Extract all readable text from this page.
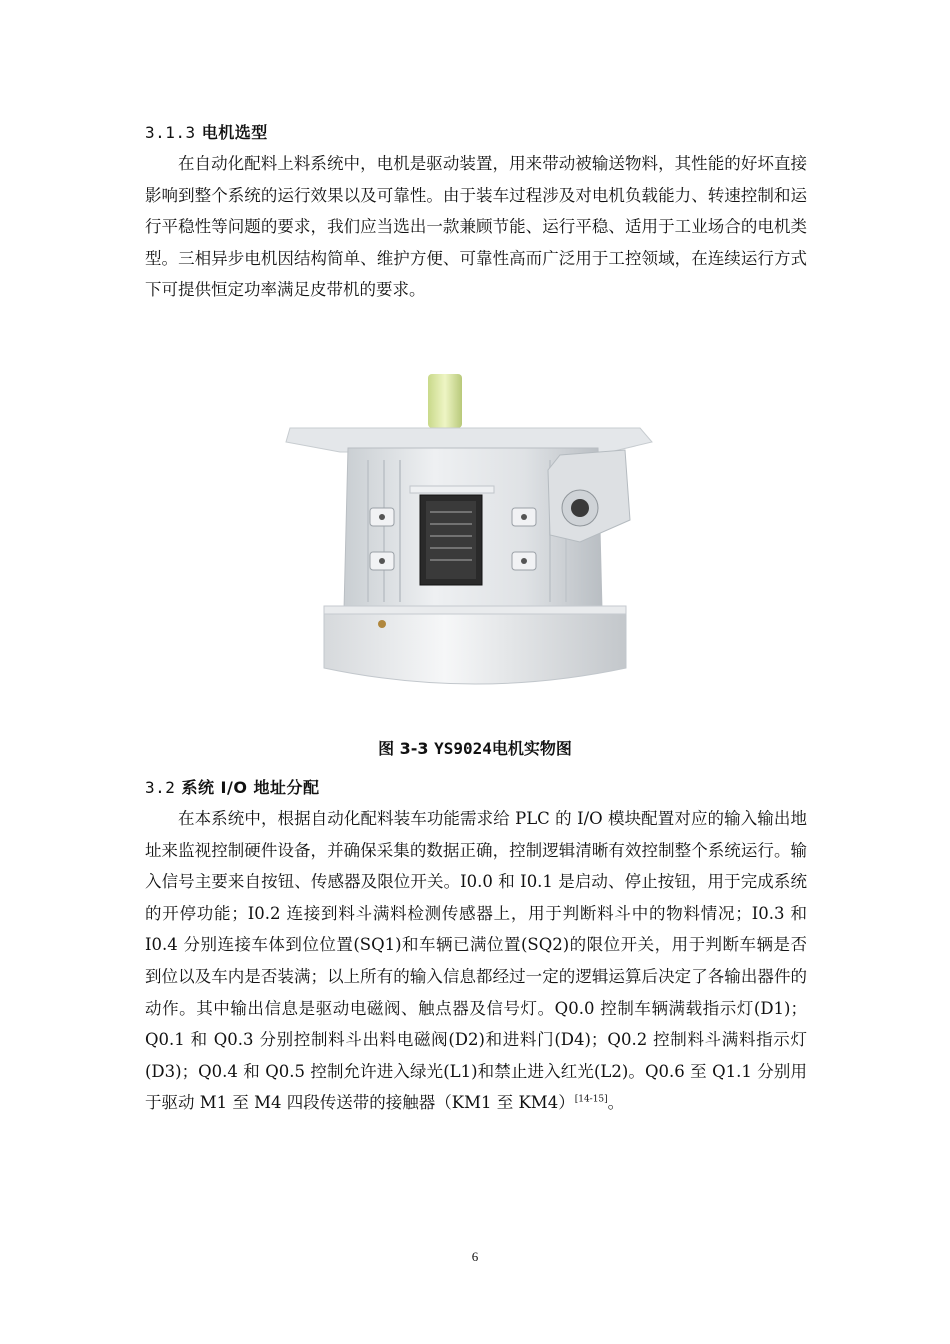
3.1.3 电机选型

在自动化配料上料系统中，电机是驱动装置，用来带动被输送物料，其性能的好坏直接影响到整个系统的运行效果以及可靠性。由于装车过程涉及对电机负载能力、转速控制和运行平稳性等问题的要求，我们应当选出一款兼顾节能、运行平稳、适用于工业场合的电机类型。三相异步电机因结构简单、维护方便、可靠性高而广泛用于工控领域，在连续运行方式下可提供恒定功率满足皮带机的要求。

图 3-3 YS9024电机实物图
3.2 系统 I/O 地址分配

在本系统中，根据自动化配料装车功能需求给 PLC 的 I/O 模块配置对应的输入输出地址来监视控制硬件设备，并确保采集的数据正确，控制逻辑清晰有效控制整个系统运行。输入信号主要来自按钮、传感器及限位开关。I0.0 和 I0.1 是启动、停止按钮，用于完成系统的开停功能；I0.2 连接到料斗满料检测传感器上，用于判断料斗中的物料情况；I0.3 和 I0.4 分别连接车体到位位置(SQ1)和车辆已满位置(SQ2)的限位开关，用于判断车辆是否到位以及车内是否装满；以上所有的输入信息都经过一定的逻辑运算后决定了各输出器件的动作。其中输出信息是驱动电磁阀、触点器及信号灯。Q0.0 控制车辆满载指示灯(D1)；Q0.1 和 Q0.3 分别控制料斗出料电磁阀(D2)和进料门(D4)；Q0.2 控制料斗满料指示灯(D3)；Q0.4 和 Q0.5 控制允许进入绿光(L1)和禁止进入红光(L2)。Q0.6 至 Q1.1 分别用于驱动 M1 至 M4 四段传送带的接触器（KM1 至 KM4）[14-15]。

6
